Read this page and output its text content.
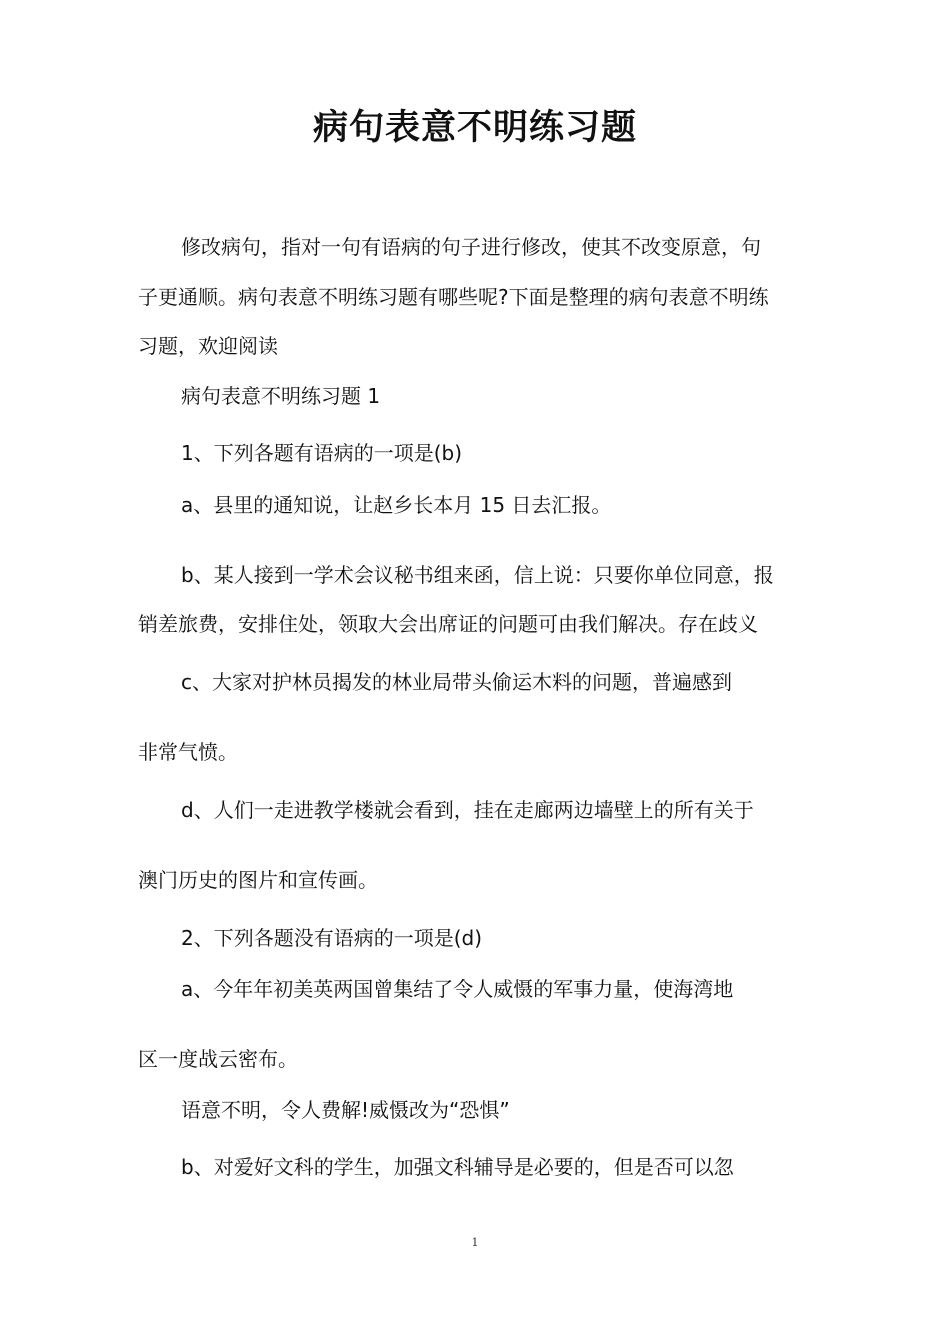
病句表意不明练习题

修改病句，指对一句有语病的句子进行修改，使其不改变原意，句

子更通顺。病句表意不明练习题有哪些呢?下面是整理的病句表意不明练

习题，欢迎阅读

病句表意不明练习题 1

1、下列各题有语病的一项是(b)

a、县里的通知说，让赵乡长本月 15 日去汇报。

b、某人接到一学术会议秘书组来函，信上说：只要你单位同意，报

销差旅费，安排住处，领取大会出席证的问题可由我们解决。存在歧义

c、大家对护林员揭发的林业局带头偷运木料的问题，普遍感到

非常气愤。

d、人们一走进教学楼就会看到，挂在走廊两边墙壁上的所有关于

澳门历史的图片和宣传画。

2、下列各题没有语病的一项是(d)

a、今年年初美英两国曾集结了令人威慑的军事力量，使海湾地

区一度战云密布。

语意不明，令人费解!威慑改为“恐惧”

b、对爱好文科的学生，加强文科辅导是必要的，但是否可以忽

1
